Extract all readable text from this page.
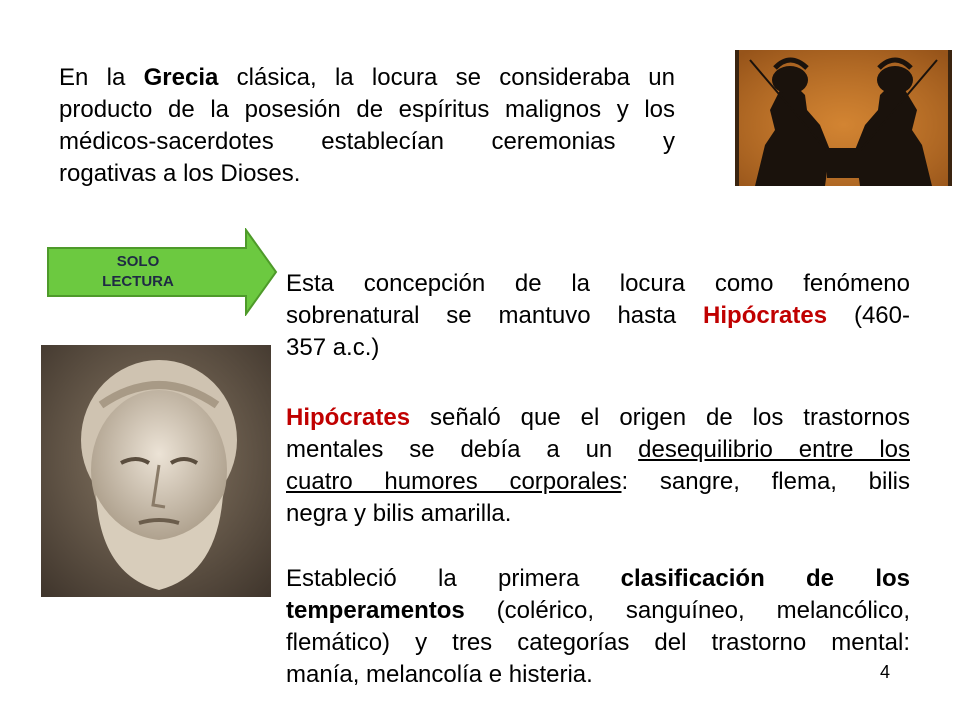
En la Grecia clásica, la locura se consideraba un
producto de la posesión de espíritus malignos y los
médicos-sacerdotes establecían ceremonias y
rogativas a los Dioses.
SOLO
LECTURA	Esta concepción de la locura como fenómeno
sobrenatural se mantuvo hasta Hipócrates (460-
357 a.c.)
Hipócrates señaló que el origen de los trastornos
mentales se debía a un desequilibrio entre los
cuatro humores corporales: sangre, flema, bilis
negra y bilis amarilla.
Estableció la primera clasificación de los
temperamentos (colérico, sanguíneo, melancólico,
flemático) y tres categorías del trastorno mental:
manía, melancolía e histeria.	4
